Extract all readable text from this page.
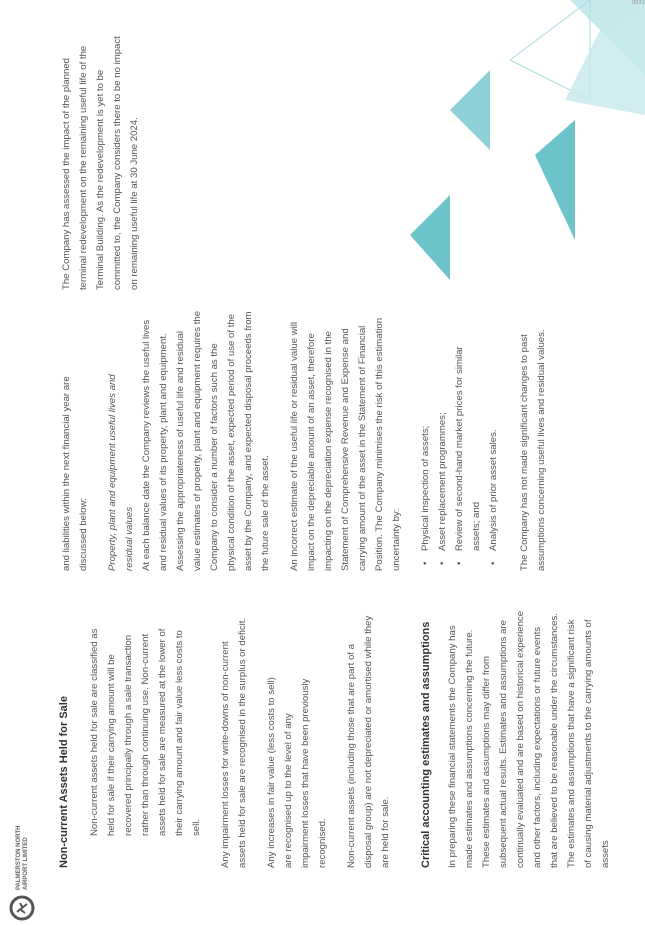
0831
PALMERSTON NORTH AIRPORT LIMITED	Non-current Assets Held for Sale	Non-current assets held for sale are classified as held for sale if their carrying amount will be recovered principally through a sale transaction rather than through continuing use. Non-current assets held for sale are measured at the lower of their carrying amount and fair value less costs to sell.	Any impairment losses for write-downs of non-current assets held for sale are recognised in the surplus or deficit.	Any increases in fair value (less costs to sell) are recognised up to the level of any impairment losses that have been previously recognised.	Non-current assets (including those that are part of a disposal group) are not depreciated or amortised while they are held for sale.	Critical accounting estimates and assumptions	In preparing these financial statements the Company has made estimates and assumptions concerning the future. These estimates and assumptions may differ from subsequent actual results. Estimates and assumptions are continually evaluated and are based on historical experience and other factors, including expectations or future events that are believed to be reasonable under the circumstances. The estimates and assumptions that have a significant risk of causing material adjustments to the carrying amounts of assets

and liabilities within the next financial year are discussed below:	Property, plant and equipment useful lives and residual values At each balance date the Company reviews the useful lives and residual values of its property, plant and equipment. Assessing the appropriateness of useful life and residual value estimates of property, plant and equipment requires the Company to consider a number of factors such as the physical condition of the asset, expected period of use of the asset by the Company, and expected disposal proceeds from the future sale of the asset.	An incorrect estimate of the useful life or residual value will impact on the depreciable amount of an asset, therefore impacting on the depreciation expense recognised in the Statement of Comprehensive Revenue and Expense and carrying amount of the asset in the Statement of Financial Position. The Company minimises the risk of this estimation uncertainty by:	• Physical inspection of assets; • Asset replacement programmes; • Review of second-hand market prices for similar assets; and • Analysis of prior asset sales.	The Company has not made significant changes to past assumptions concerning useful lives and residual values.

The Company has assessed the impact of the planned terminal redevelopment on the remaining useful life of the Terminal Building. As the redevelopment is yet to be committed to, the Company considers there to be no impact on remaining useful life at 30 June 2024.
